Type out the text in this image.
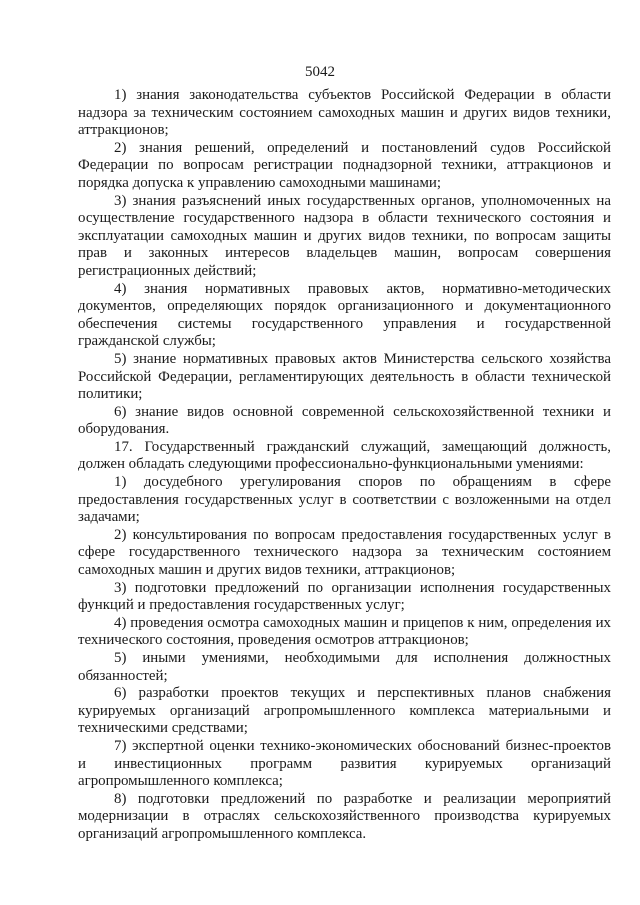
5042

1) знания законодательства субъектов Российской Федерации в области надзора за техническим состоянием самоходных машин и других видов техники, аттракционов;

2) знания решений, определений и постановлений судов Российской Федерации по вопросам регистрации поднадзорной техники, аттракционов и порядка допуска к управлению самоходными машинами;

3) знания разъяснений иных государственных органов, уполномоченных на осуществление государственного надзора в области технического состояния и эксплуатации самоходных машин и других видов техники, по вопросам защиты прав и законных интересов владельцев машин, вопросам совершения регистрационных действий;

4) знания нормативных правовых актов, нормативно-методических документов, определяющих порядок организационного и документационного обеспечения системы государственного управления и государственной гражданской службы;

5) знание нормативных правовых актов Министерства сельского хозяйства Российской Федерации, регламентирующих деятельность в области технической политики;

6) знание видов основной современной сельскохозяйственной техники и оборудования.

17. Государственный гражданский служащий, замещающий должность, должен обладать следующими профессионально-функциональными умениями:

1) досудебного урегулирования споров по обращениям в сфере предоставления государственных услуг в соответствии с возложенными на отдел задачами;

2) консультирования по вопросам предоставления государственных услуг в сфере государственного технического надзора за техническим состоянием самоходных машин и других видов техники, аттракционов;

3) подготовки предложений по организации исполнения государственных функций и предоставления государственных услуг;

4) проведения осмотра самоходных машин и прицепов к ним, определения их технического состояния, проведения осмотров аттракционов;

5) иными умениями, необходимыми для исполнения должностных обязанностей;

6) разработки проектов текущих и перспективных планов снабжения курируемых организаций агропромышленного комплекса материальными и техническими средствами;

7) экспертной оценки технико-экономических обоснований бизнес-проектов и инвестиционных программ развития курируемых организаций агропромышленного комплекса;

8) подготовки предложений по разработке и реализации мероприятий модернизации в отраслях сельскохозяйственного производства курируемых организаций агропромышленного комплекса.
